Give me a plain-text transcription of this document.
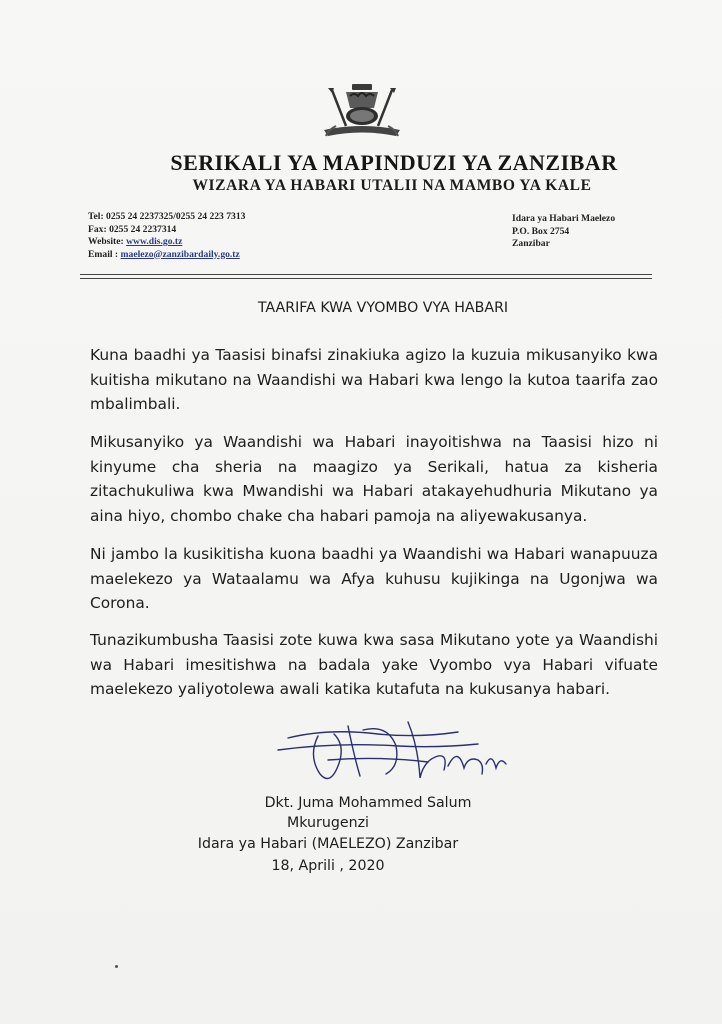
SERIKALI YA MAPINDUZI YA ZANZIBAR
WIZARA YA HABARI UTALII NA MAMBO YA KALE
Tel: 0255 24 2237325/0255 24 223 7313
Fax: 0255 24 2237314
Website: www.dis.go.tz
Email : maelezo@zanzibardaily.go.tz
Idara ya Habari Maelezo
P.O. Box 2754
Zanzibar
TAARIFA KWA VYOMBO VYA HABARI
Kuna baadhi ya Taasisi binafsi zinakiuka agizo la kuzuia mikusanyiko kwa kuitisha mikutano na Waandishi wa Habari kwa lengo la kutoa taarifa zao mbalimbali.
Mikusanyiko ya Waandishi wa Habari inayoitishwa na Taasisi hizo ni kinyume cha sheria na maagizo ya Serikali, hatua za kisheria zitachukuliwa kwa Mwandishi wa Habari atakayehudhuria Mikutano ya aina hiyo, chombo chake cha habari pamoja na aliyewakusanya.
Ni jambo la kusikitisha kuona baadhi ya Waandishi wa Habari wanapuuza maelekezo ya Wataalamu wa Afya kuhusu kujikinga na Ugonjwa wa Corona.
Tunazikumbusha Taasisi zote kuwa kwa sasa Mikutano yote ya Waandishi wa Habari imesitishwa na badala yake Vyombo vya Habari vifuate maelekezo yaliyotolewa awali katika kutafuta na kukusanya habari.
Dkt. Juma Mohammed Salum
Mkurugenzi
Idara ya Habari (MAELEZO) Zanzibar
18, Aprili , 2020
